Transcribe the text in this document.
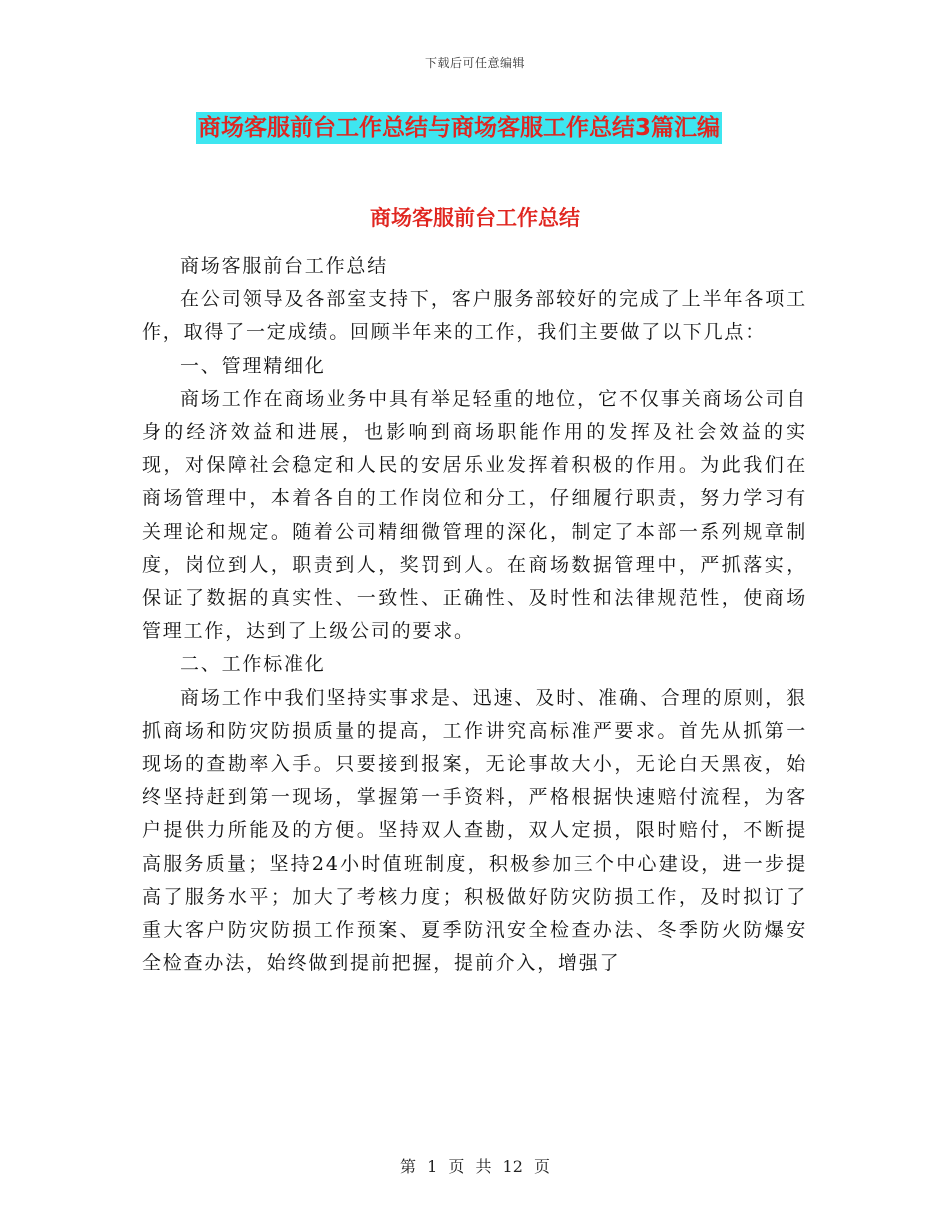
下载后可任意编辑
商场客服前台工作总结与商场客服工作总结3篇汇编
商场客服前台工作总结

商场客服前台工作总结

在公司领导及各部室支持下，客户服务部较好的完成了上半年各项工作，取得了一定成绩。回顾半年来的工作，我们主要做了以下几点：

一、管理精细化

商场工作在商场业务中具有举足轻重的地位，它不仅事关商场公司自身的经济效益和进展，也影响到商场职能作用的发挥及社会效益的实现，对保障社会稳定和人民的安居乐业发挥着积极的作用。为此我们在商场管理中，本着各自的工作岗位和分工，仔细履行职责，努力学习有关理论和规定。随着公司精细微管理的深化，制定了本部一系列规章制度，岗位到人，职责到人，奖罚到人。在商场数据管理中，严抓落实，保证了数据的真实性、一致性、正确性、及时性和法律规范性，使商场管理工作，达到了上级公司的要求。

二、工作标准化

商场工作中我们坚持实事求是、迅速、及时、准确、合理的原则，狠抓商场和防灾防损质量的提高，工作讲究高标准严要求。首先从抓第一现场的查勘率入手。只要接到报案，无论事故大小，无论白天黑夜，始终坚持赶到第一现场，掌握第一手资料，严格根据快速赔付流程，为客户提供力所能及的方便。坚持双人查勘，双人定损，限时赔付，不断提高服务质量；坚持24小时值班制度，积极参加三个中心建设，进一步提高了服务水平；加大了考核力度；积极做好防灾防损工作，及时拟订了重大客户防灾防损工作预案、夏季防汛安全检查办法、冬季防火防爆安全检查办法，始终做到提前把握，提前介入，增强了

第 1 页 共 12 页
